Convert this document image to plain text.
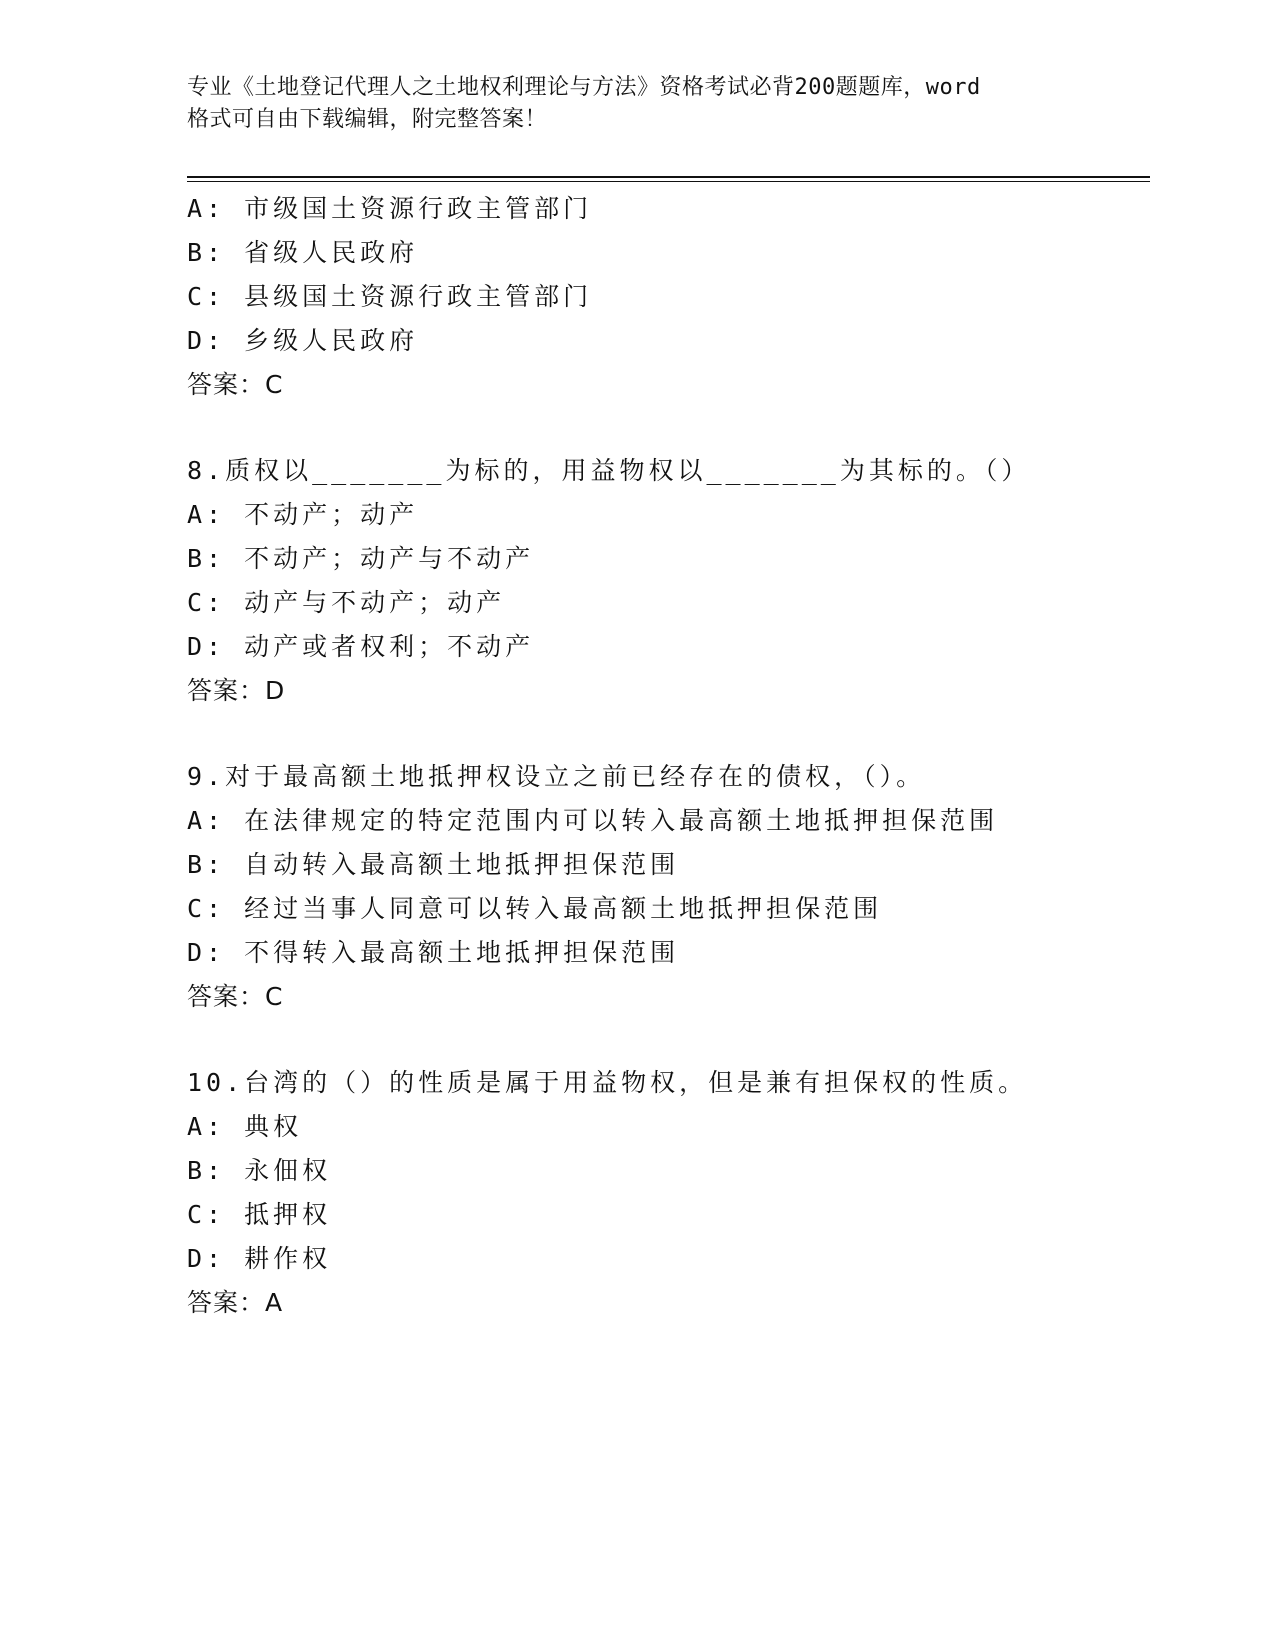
专业《土地登记代理人之土地权利理论与方法》资格考试必背200题题库，word
格式可自由下载编辑，附完整答案！
A: 市级国土资源行政主管部门
B: 省级人民政府
C: 县级国土资源行政主管部门
D: 乡级人民政府
答案：C
8.质权以_______为标的，用益物权以_______为其标的。（）
A: 不动产；动产
B: 不动产；动产与不动产
C: 动产与不动产；动产
D: 动产或者权利；不动产
答案：D
9.对于最高额土地抵押权设立之前已经存在的债权，（）。
A: 在法律规定的特定范围内可以转入最高额土地抵押担保范围
B: 自动转入最高额土地抵押担保范围
C: 经过当事人同意可以转入最高额土地抵押担保范围
D: 不得转入最高额土地抵押担保范围
答案：C
10.台湾的（）的性质是属于用益物权，但是兼有担保权的性质。
A: 典权
B: 永佃权
C: 抵押权
D: 耕作权
答案：A
